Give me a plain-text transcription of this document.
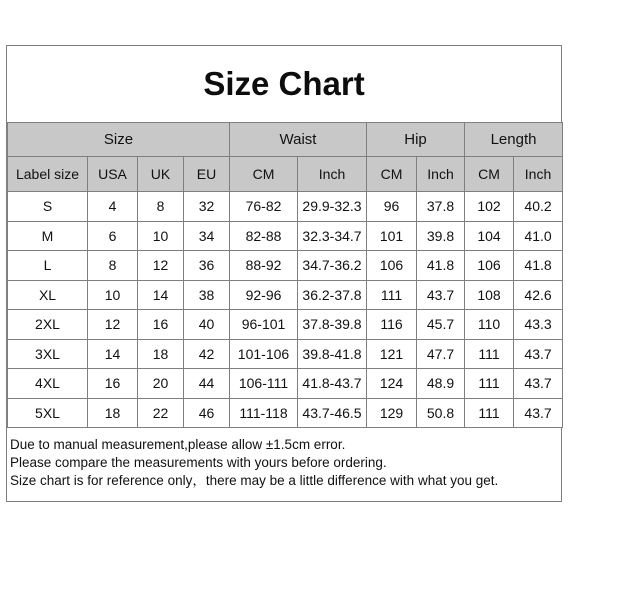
Size Chart
Size				Waist		Hip		Length	
Label size	USA	UK	EU	CM	Inch	CM	Inch	CM	Inch
S	4	8	32	76-82	29.9-32.3	96	37.8	102	40.2
M	6	10	34	82-88	32.3-34.7	101	39.8	104	41.0
L	8	12	36	88-92	34.7-36.2	106	41.8	106	41.8
XL	10	14	38	92-96	36.2-37.8	111	43.7	108	42.6
2XL	12	16	40	96-101	37.8-39.8	116	45.7	110	43.3
3XL	14	18	42	101-106	39.8-41.8	121	47.7	111	43.7
4XL	16	20	44	106-111	41.8-43.7	124	48.9	111	43.7
5XL	18	22	46	111-118	43.7-46.5	129	50.8	111	43.7
Due to manual measurement,please allow ±1.5cm error.
Please compare the measurements with yours before ordering.
Size chart is for reference only，there may be a little difference with what you get.
